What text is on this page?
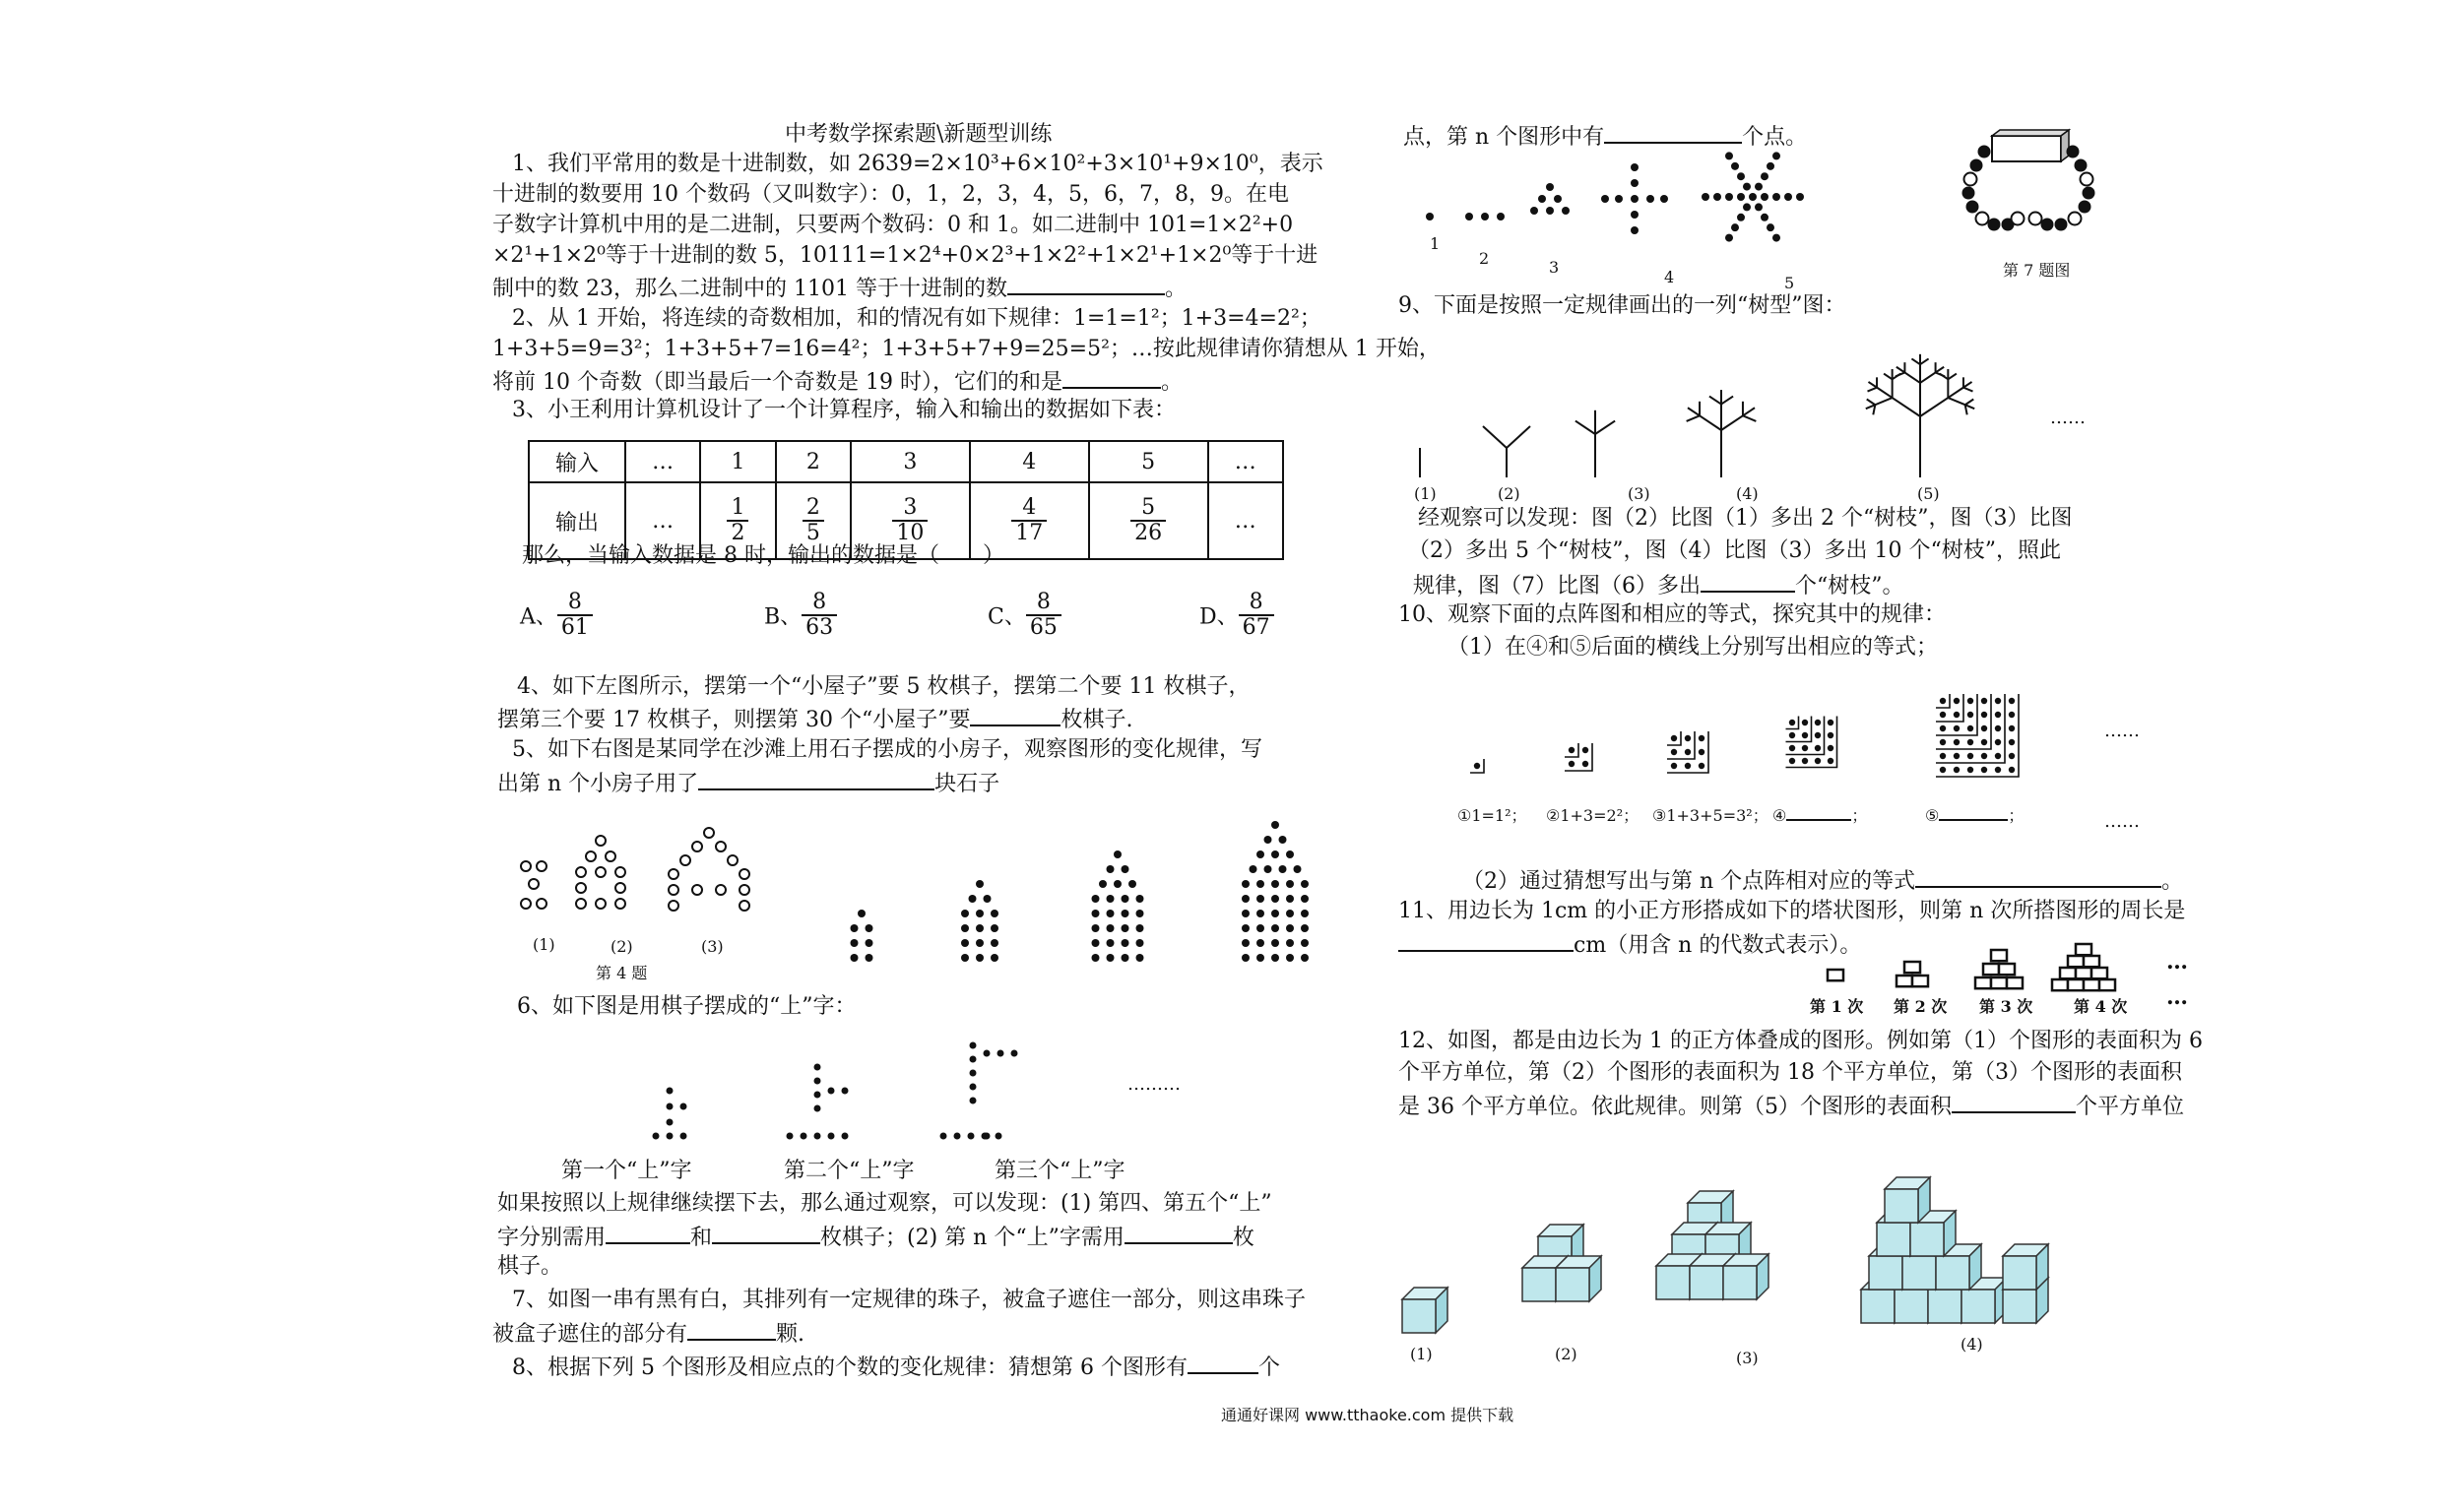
中考数学探索题\新题型训练
1、我们平常用的数是十进制数，如 2639=2×10³+6×10²+3×10¹+9×10⁰，表示
十进制的数要用 10 个数码（又叫数字）：0，1，2，3，4，5，6，7，8，9。在电
子数字计算机中用的是二进制，只要两个数码：0 和 1。如二进制中 101=1×2²+0
×2¹+1×2⁰等于十进制的数 5，10111=1×2⁴+0×2³+1×2²+1×2¹+1×2⁰等于十进
制中的数 23，那么二进制中的 1101 等于十进制的数	。
2、从 1 开始，将连续的奇数相加，和的情况有如下规律：1=1=1²；1+3=4=2²；
1+3+5=9=3²；1+3+5+7=16=4²；1+3+5+7+9=25=5²；…按此规律请你猜想从 1 开始，
将前 10 个奇数（即当最后一个奇数是 19 时），它们的和是	。
3、小王利用计算机设计了一个计算程序，输入和输出的数据如下表：
输入	…	1	2	3	4	5	…
输出	…	$\frac{1}{2}$	$\frac{2}{5}$	$\frac{3}{10}$	$\frac{4}{17}$	$\frac{5}{26}$	…
那么，当输入数据是 8 时，输出的数据是（　　）
A、 $\frac{8}{61}$	B、 $\frac{8}{63}$	C、 $\frac{8}{65}$	D、 $\frac{8}{67}$
4、如下左图所示，摆第一个“小屋子”要 5 枚棋子，摆第二个要 11 枚棋子，
摆第三个要 17 枚棋子，则摆第 30 个“小屋子”要	枚棋子.
5、如下右图是某同学在沙滩上用石子摆成的小房子，观察图形的变化规律，写
出第 n 个小房子用了	块石子
(1)	(2)	(3)
第 4 题
6、如下图是用棋子摆成的“上”字：
………
第一个“上”字	第二个“上”字	第三个“上”字
如果按照以上规律继续摆下去，那么通过观察，可以发现：(1) 第四、第五个“上”
字分别需用	和	枚棋子；(2) 第 n 个“上”字需用	枚
棋子。
7、如图一串有黑有白，其排列有一定规律的珠子，被盒子遮住一部分，则这串珠子
被盒子遮住的部分有	颗.
8、根据下列 5 个图形及相应点的个数的变化规律：猜想第 6 个图形有	个
通通好课网 www.tthaoke.com 提供下载
点，第 n 个图形中有	个点。
1
2	3
4	5
第 7 题图
9、下面是按照一定规律画出的一列“树型”图：
……
(1)	(2)	(3)	(4)	(5)
经观察可以发现：图（2）比图（1）多出 2 个“树枝”，图（3）比图
（2）多出 5 个“树枝”，图（4）比图（3）多出 10 个“树枝”，照此
规律，图（7）比图（6）多出	个“树枝”。
10、观察下面的点阵图和相应的等式，探究其中的规律：
（1）在④和⑤后面的横线上分别写出相应的等式；
……
①1=1²； ②1+3=2²； ③1+3+5=3²； ④	；	⑤	；	……
（2）通过猜想写出与第 n 个点阵相对应的等式	。
11、用边长为 1cm 的小正方形搭成如下的塔状图形，则第 n 次所搭图形的周长是
cm（用含 n 的代数式表示）。
第 1 次 第 2 次 第 3 次	第 4 次
…
…
12、如图，都是由边长为 1 的正方体叠成的图形。例如第（1）个图形的表面积为 6
个平方单位，第（2）个图形的表面积为 18 个平方单位，第（3）个图形的表面积
是 36 个平方单位。依此规律。则第（5）个图形的表面积	个平方单位
(1)	(2)	(3)
(4)
